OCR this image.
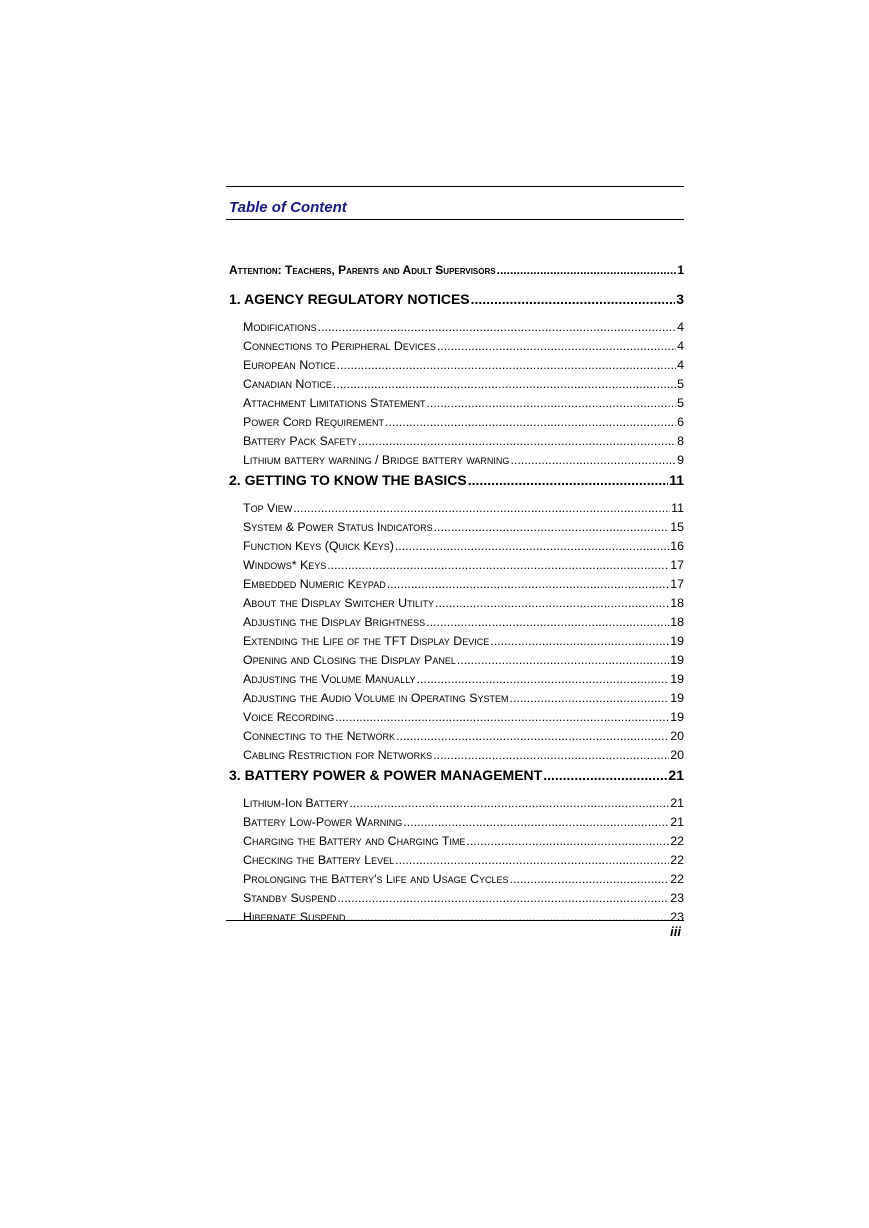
Table of Content
Attention: Teachers, Parents and Adult Supervisors .....	1
1. AGENCY REGULATORY NOTICES .....	3
Modifications .....	4
Connections to Peripheral Devices .....	4
European Notice .....	4
Canadian Notice .....	5
Attachment Limitations Statement .....	5
Power Cord Requirement .....	6
Battery Pack Safety .....	8
Lithium battery warning / Bridge battery warning .....	9
2. GETTING TO KNOW THE BASICS .....	11
Top View .....	11
System & Power Status Indicators .....	15
Function Keys (Quick Keys) .....	16
Windows* Keys .....	17
Embedded Numeric Keypad .....	17
About the Display Switcher Utility .....	18
Adjusting the Display Brightness .....	18
Extending the Life of the TFT Display Device .....	19
Opening and Closing the Display Panel .....	19
Adjusting the Volume Manually .....	19
Adjusting the Audio Volume in Operating System .....	19
Voice Recording .....	19
Connecting to the Network .....	20
Cabling Restriction for Networks .....	20
3. BATTERY POWER & POWER MANAGEMENT .....	21
Lithium-Ion Battery .....	21
Battery Low-Power Warning .....	21
Charging the Battery and Charging Time .....	22
Checking the Battery Level .....	22
Prolonging the Battery's Life and Usage Cycles .....	22
Standby Suspend .....	23
Hibernate Suspend .....	23
iii
